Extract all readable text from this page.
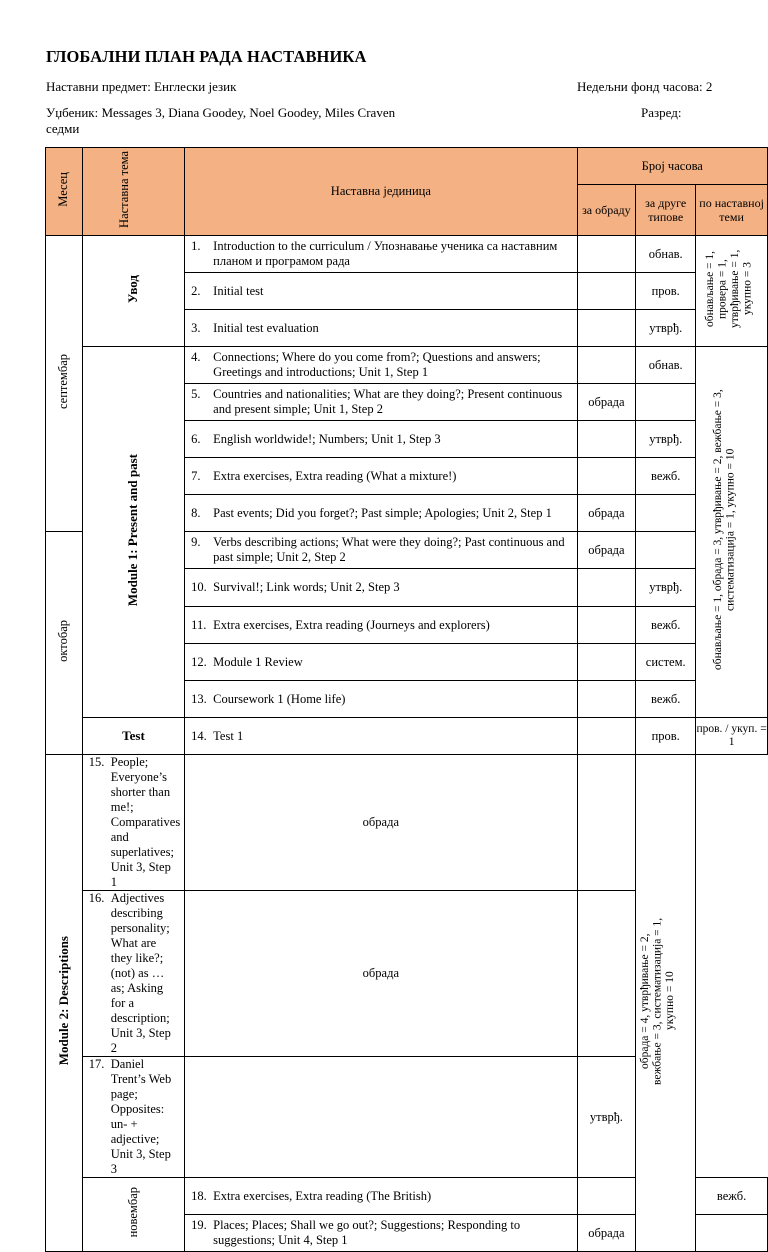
ГЛОБАЛНИ ПЛАН РАДА НАСТАВНИКА
Наставни предмет: Енглески језик	Недељни фонд часова: 2
Уџбеник: Messages 3, Diana Goodey, Noel Goodey, Miles Craven	Разред:
седми
Месец	Наставна тема	Наставна јединица	Број часова		
			за обраду	за друге типове	по наставној теми
септембар	Увод	1. Introduction to the curriculum / Упознавање ученика са наставним планом и програмом рада		обнав.	обнављање = 1, провера = 1, утврђивање = 1, укупно = 3

		2. Initial test		пров.	

		3. Initial test evaluation		утврђ.	
	Module 1: Present and past	4. Connections; Where do you come from?; Questions and answers; Greetings and introductions; Unit 1, Step 1		обнав.	обнављање = 1, обрада = 3, утврђивање = 2, вежбање = 3, систематизација = 1, укупно = 10

		5. Countries and nationalities; What are they doing?; Present continuous and present simple; Unit 1, Step 2	обрада		

		6. English worldwide!; Numbers; Unit 1, Step 3		утврђ.	

		7. Extra exercises, Extra reading (What a mixture!)		вежб.	

		8. Past events; Did you forget?; Past simple; Apologies; Unit 2, Step 1	обрада		
октобар		9. Verbs describing actions; What were they doing?; Past continuous and past simple; Unit 2, Step 2	обрада		

		10. Survival!; Link words; Unit 2, Step 3		утврђ.	

		11. Extra exercises, Extra reading (Journeys and explorers)		вежб.	

		12. Module 1 Review		систем.	

		13. Coursework 1 (Home life)		вежб.	
	Test	14. Test 1		пров.	пров. / укуп. = 1

Module 2: Descriptions	15. People; Everyone’s shorter than me!; Comparatives and superlatives; Unit 3, Step 1	обрада		обрада = 4, утврђивање = 2, вежбање = 3, систематизација = 1, укупно = 10	

	16. Adjectives describing personality; What are they like?; (not) as … as; Asking for a description; Unit 3, Step 2	обрада			

	17. Daniel Trent’s Web page; Opposites: un- + adjective; Unit 3, Step 3		утврђ.		
	новембар	18. Extra exercises, Extra reading (The British)			вежб.

		19. Places; Places; Shall we go out?; Suggestions; Responding to suggestions; Unit 4, Step 1	обрада		
